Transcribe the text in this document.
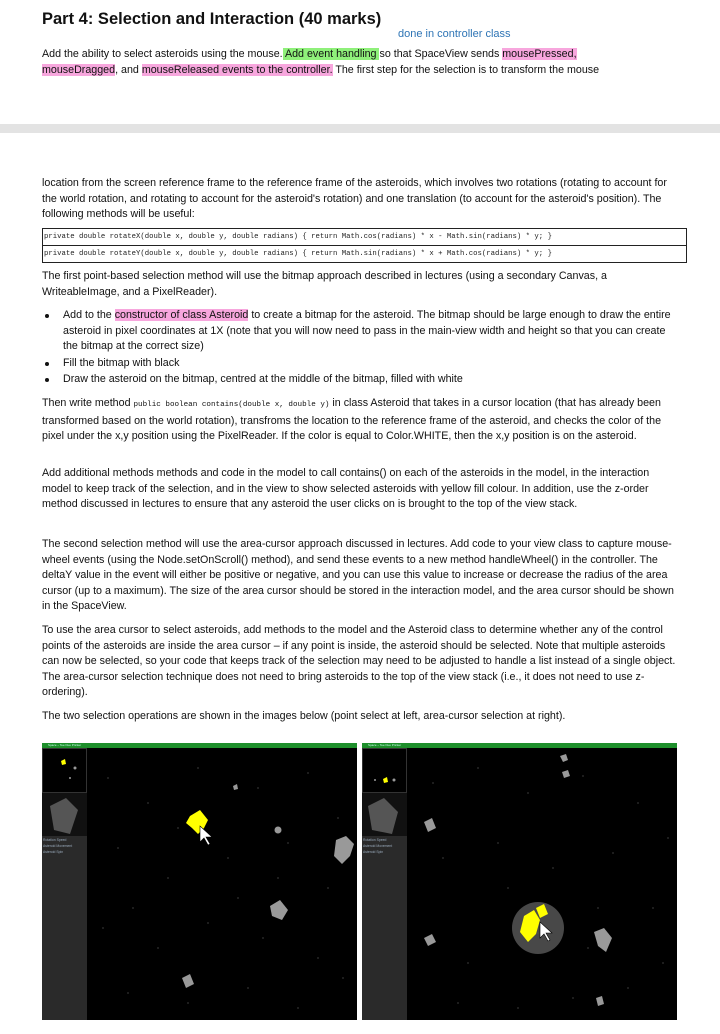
Part 4: Selection and Interaction (40 marks)
done in controller class
Add the ability to select asteroids using the mouse. Add event handling so that SpaceView sends mousePressed,
mouseDragged, and mouseReleased events to the controller. The first step for the selection is to transform the mouse
location from the screen reference frame to the reference frame of the asteroids, which involves two rotations (rotating to account for the world rotation, and rotating to account for the asteroid's rotation) and one translation (to account for the asteroid's position). The following methods will be useful:
private double rotateX(double x, double y, double radians) { return Math.cos(radians) * x - Math.sin(radians) * y; }
private double rotateY(double x, double y, double radians) { return Math.sin(radians) * x + Math.cos(radians) * y; }
The first point-based selection method will use the bitmap approach described in lectures (using a secondary Canvas, a WriteableImage, and a PixelReader).
Add to the constructor of class Asteroid to create a bitmap for the asteroid. The bitmap should be large enough to draw the entire asteroid in pixel coordinates at 1X (note that you will now need to pass in the main-view width and height so that you can create the bitmap at the correct size)
Fill the bitmap with black
Draw the asteroid on the bitmap, centred at the middle of the bitmap, filled with white
Then write method public boolean contains(double x, double y) in class Asteroid that takes in a cursor location (that has already been transformed based on the world rotation), transfroms the location to the reference frame of the asteroid, and checks the color of the pixel under the x,y position using the PixelReader. If the color is equal to Color.WHITE, then the x,y position is on the asteroid.
Add additional methods methods and code in the model to call contains() on each of the asteroids in the model, in the interaction model to keep track of the selection, and in the view to show selected asteroids with yellow fill colour. In addition, use the z-order method discussed in lectures to ensure that any asteroid the user clicks on is brought to the top of the view stack.
The second selection method will use the area-cursor approach discussed in lectures. Add code to your view class to capture mouse-wheel events (using the Node.setOnScroll() method), and send these events to a new method handleWheel() in the controller. The deltaY value in the event will either be positive or negative, and you can use this value to increase or decrease the radius of the area cursor (up to a maximum). The size of the area cursor should be stored in the interaction model, and the area cursor should be shown in the SpaceView.
To use the area cursor to select asteroids, add methods to the model and the Asteroid class to determine whether any of the control points of the asteroids are inside the area cursor – if any point is inside, the asteroid should be selected. Note that multiple asteroids can now be selected, so your code that keeps track of the selection may need to be adjusted to handle a list instead of a single object. The area-cursor selection technique does not need to bring asteroids to the top of the view stack (i.e., it does not need to use z-ordering).
The two selection operations are shown in the images below (point select at left, area-cursor selection at right).
Space – Tee Duo Pricker
Rotation Speed
Asteroid Movement
Asteroid Spin
Space – Tee Duo Pricker
Rotation Speed
Asteroid Movement
Asteroid Spin
